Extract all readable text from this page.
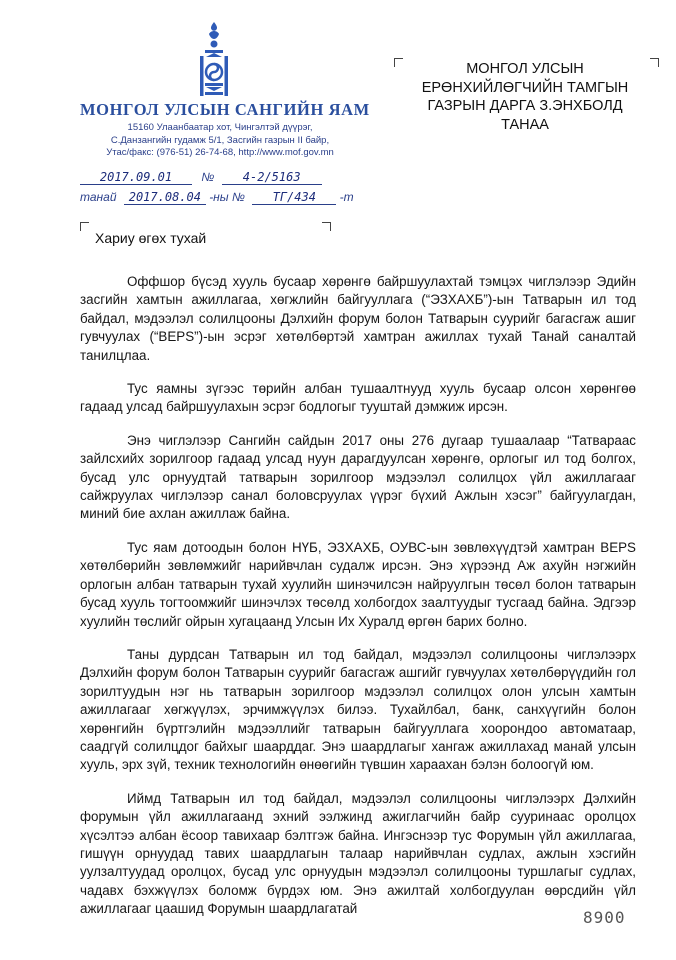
МОНГОЛ УЛСЫН САНГИЙН ЯАМ
15160 Улаанбаатар хот, Чингэлтэй дүүрэг,
С.Данзангийн гудамж 5/1, Засгийн газрын II байр,
Утас/факс: (976-51) 26-74-68, http://www.mof.gov.mn
МОНГОЛ УЛСЫН
ЕРӨНХИЙЛӨГЧИЙН ТАМГЫН
ГАЗРЫН ДАРГА З.ЭНХБОЛД
ТАНАА
2017.09.01 № 4-2/5163
танай 2017.08.04 -ны № ТГ/434 -т
Хариу өгөх тухай

Оффшор бүсэд хууль бусаар хөрөнгө байршуулахтай тэмцэх чиглэлээр Эдийн засгийн хамтын ажиллагаа, хөгжлийн байгууллага (“ЭЗХАХБ”)-ын Татварын ил тод байдал, мэдээлэл солилцооны Дэлхийн форум болон Татварын суурийг багасгаж ашиг гувчуулах (“BEPS”)-ын эсрэг хөтөлбөртэй хамтран ажиллах тухай Танай саналтай танилцлаа.

Тус яамны зүгээс төрийн албан тушаалтнууд хууль бусаар олсон хөрөнгөө гадаад улсад байршуулахын эсрэг бодлогыг тууштай дэмжиж ирсэн.

Энэ чиглэлээр Сангийн сайдын 2017 оны 276 дугаар тушаалаар “Татвараас зайлсхийх зорилгоор гадаад улсад нуун дарагдуулсан хөрөнгө, орлогыг ил тод болгох, бусад улс орнуудтай татварын зорилгоор мэдээлэл солилцох үйл ажиллагааг сайжруулах чиглэлээр санал боловсруулах үүрэг бүхий Ажлын хэсэг” байгуулагдан, миний бие ахлан ажиллаж байна.

Тус яам дотоодын болон НҮБ, ЭЗХАХБ, ОУВС-ын зөвлөхүүдтэй хамтран BEPS хөтөлбөрийн зөвлөмжийг нарийвчлан судалж ирсэн. Энэ хүрээнд Аж ахуйн нэгжийн орлогын албан татварын тухай хуулийн шинэчилсэн найруулгын төсөл болон татварын бусад хууль тогтоомжийг шинэчлэх төсөлд холбогдох заалтуудыг тусгаад байна. Эдгээр хуулийн төслийг ойрын хугацаанд Улсын Их Хуралд өргөн барих болно.

Таны дурдсан Татварын ил тод байдал, мэдээлэл солилцооны чиглэлээрх Дэлхийн форум болон Татварын суурийг багасгаж ашгийг гувчуулах хөтөлбөрүүдийн гол зорилтуудын нэг нь татварын зорилгоор мэдээлэл солилцох олон улсын хамтын ажиллагааг хөгжүүлэх, эрчимжүүлэх билээ. Тухайлбал, банк, санхүүгийн болон хөрөнгийн бүртгэлийн мэдээллийг татварын байгууллага хоорондоо автоматаар, саадгүй солилцдог байхыг шаарддаг. Энэ шаардлагыг хангаж ажиллахад манай улсын хууль, эрх зүй, техник технологийн өнөөгийн түвшин хараахан бэлэн болоогүй юм.

Иймд Татварын ил тод байдал, мэдээлэл солилцооны чиглэлээрх Дэлхийн форумын үйл ажиллагаанд эхний ээлжинд ажиглагчийн байр сууринаас оролцох хүсэлтээ албан ёсоор тавихаар бэлтгэж байна. Ингэснээр тус Форумын үйл ажиллагаа, гишүүн орнуудад тавих шаардлагын талаар нарийвчлан судлах, ажлын хэсгийн уулзалтуудад оролцох, бусад улс орнуудын мэдээлэл солилцооны туршлагыг судлах, чадавх бэхжүүлэх боломж бүрдэх юм. Энэ ажилтай холбогдуулан өөрсдийн үйл ажиллагааг цаашид Форумын шаардлагатай	8900
